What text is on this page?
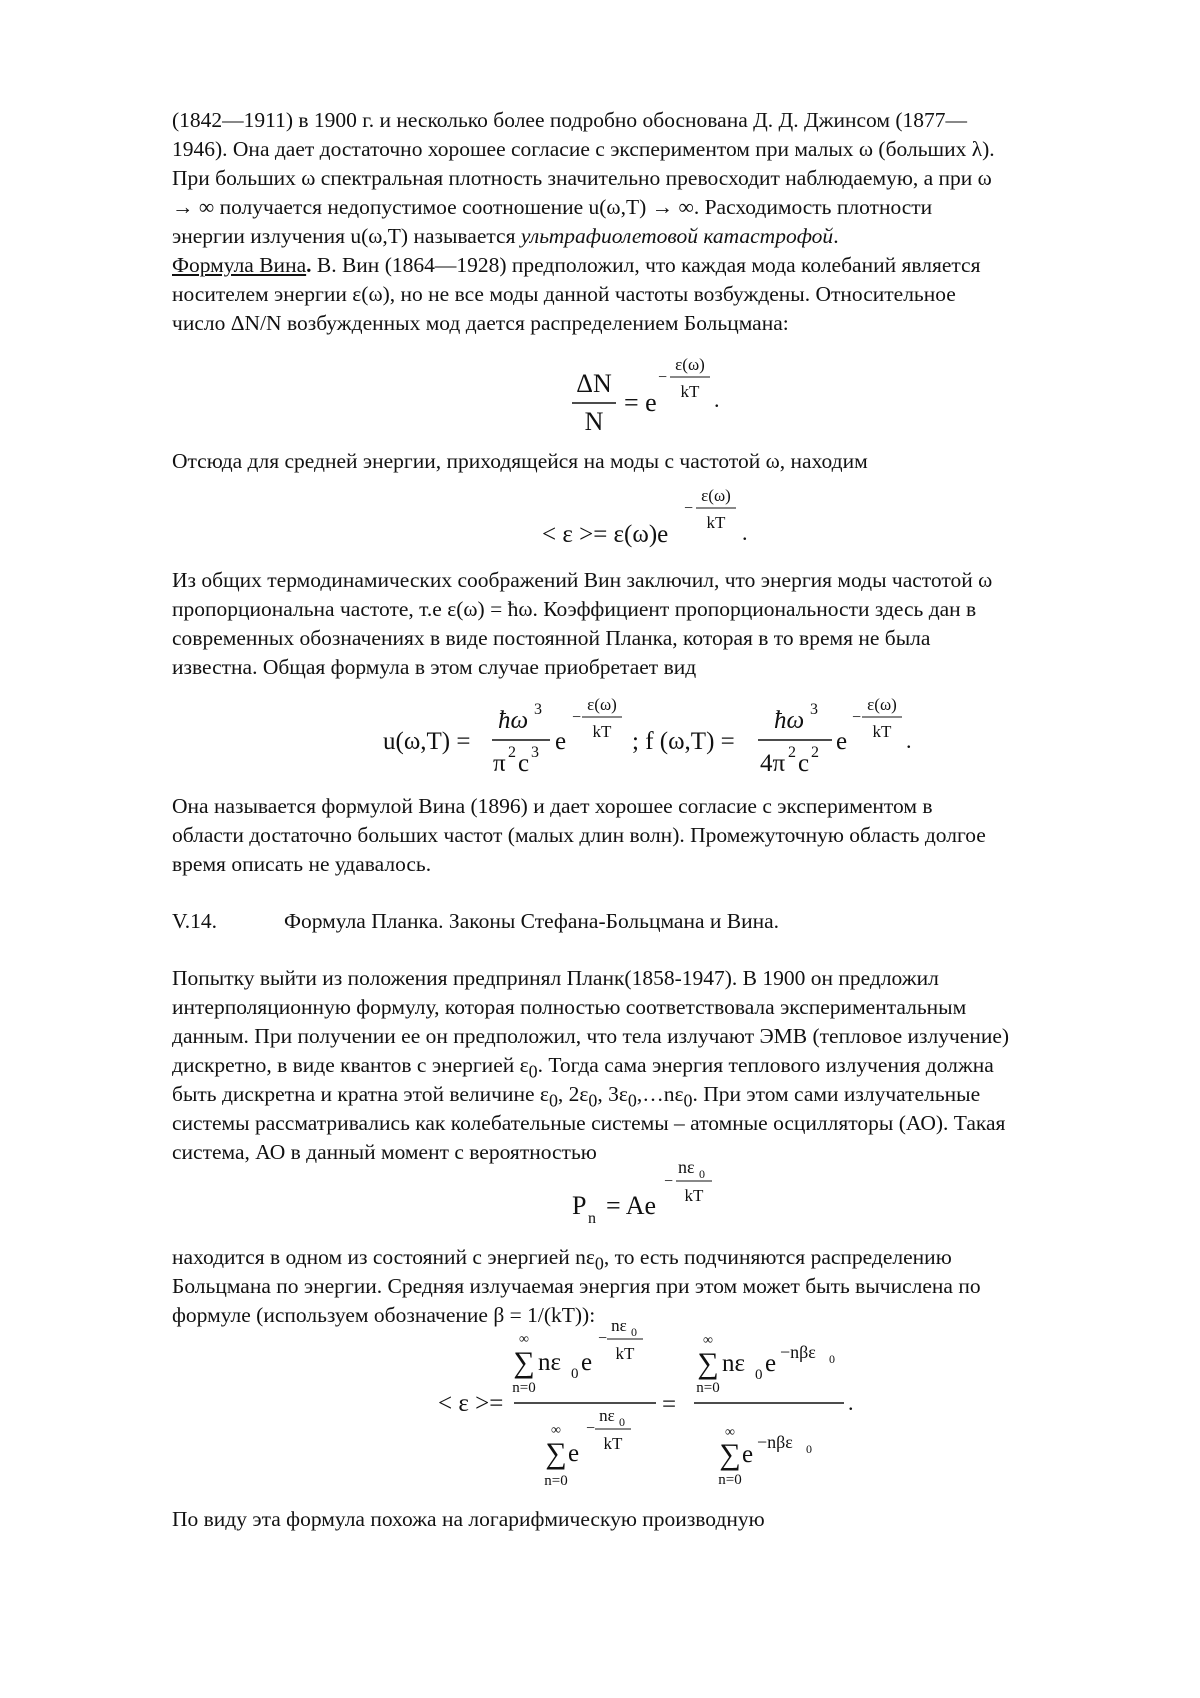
(1842—1911) в 1900 г. и несколько более подробно обоснована Д. Д. Джинсом (1877—

1946). Она дает достаточно хорошее согласие с экспериментом при малых ω (больших λ).

При больших ω спектральная плотность значительно превосходит наблюдаемую, а при ω

→ ∞ получается недопустимое соотношение u(ω,T) → ∞. Расходимость плотности

энергии излучения u(ω,T) называется ультрафиолетовой катастрофой.

Формула Вина. В. Вин (1864—1928) предположил, что каждая мода колебаний является

носителем энергии ε(ω), но не все моды данной частоты возбуждены. Относительное

число ΔN/N возбужденных мод дается распределением Больцмана:

Отсюда для средней энергии, приходящейся на моды с частотой ω, находим

Из общих термодинамических соображений Вин заключил, что энергия моды частотой ω

пропорциональна частоте, т.е ε(ω) = ħω. Коэффициент пропорциональности здесь дан в

современных обозначениях в виде постоянной Планка, которая в то время не была

известна. Общая формула в этом случае приобретает вид

Она называется формулой Вина (1896) и дает хорошее согласие с экспериментом в

области достаточно больших частот (малых длин волн). Промежуточную область долгое

время описать не удавалось.

V.14.	Формула Планка. Законы Стефана-Больцмана и Вина.

Попытку выйти из положения предпринял Планк(1858-1947). В 1900 он предложил

интерполяционную формулу, которая полностью соответствовала экспериментальным

данным. При получении ее он предположил, что тела излучают ЭМВ (тепловое излучение)

дискретно, в виде квантов с энергией $\varepsilon_0$. Тогда сама энергия теплового излучения должна

быть дискретна и кратна этой величине $\varepsilon_0$, $2\varepsilon_0$, $3\varepsilon_0,\dots n\varepsilon_0$. При этом сами излучательные

системы рассматривались как колебательные системы – атомные осцилляторы (АО). Такая

система, АО в данный момент с вероятностью

находится в одном из состояний с энергией $n\varepsilon_0$, то есть подчиняются распределению

Больцмана по энергии. Средняя излучаемая энергия при этом может быть вычислена по

формуле (используем обозначение β = 1/(kT)):

По виду эта формула похожа на логарифмическую производную

ΔN
N
= e
−
ε(ω)
kT .
< ε >= ε(ω)e
−
ε(ω)
kT .
u(ω,T) =
ħω 3
π 2 c 3 e
−
ε(ω)
kT ; f (ω,T) =
ħω 3
4π 2 c 2 e
−
ε(ω)
kT .
P n = Ae
−
nε 0
kT
< ε >=
∞
∑
n=0
nε 0 e
−
nε 0
kT
∞
∑
n=0
e
−
nε 0
kT
=
∞
∑
n=0
nε 0 e −nβε 0
∞
∑
n=0
e −nβε 0
.
